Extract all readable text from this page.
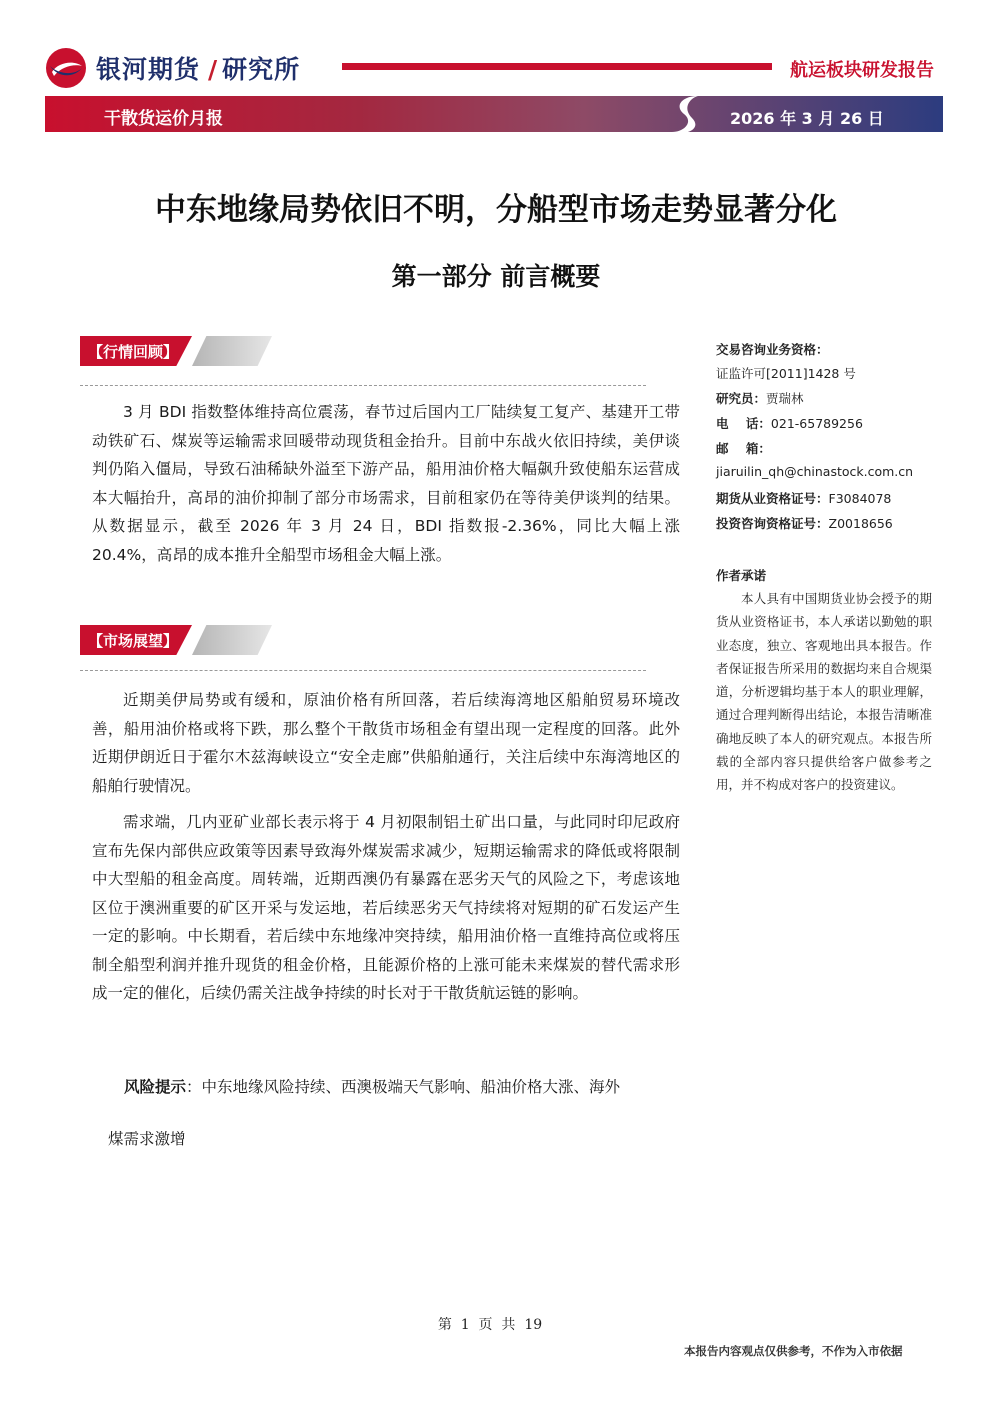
银河期货 / 研究所	航运板块研发报告
干散货运价月报	2026 年 3 月 26 日
中东地缘局势依旧不明，分船型市场走势显著分化
第一部分 前言概要
【行情回顾】
3 月 BDI 指数整体维持高位震荡，春节过后国内工厂陆续复工复产、基建开工带动铁矿石、煤炭等运输需求回暖带动现货租金抬升。目前中东战火依旧持续，美伊谈判仍陷入僵局，导致石油稀缺外溢至下游产品，船用油价格大幅飙升致使船东运营成本大幅抬升，高昂的油价抑制了部分市场需求，目前租家仍在等待美伊谈判的结果。从数据显示，截至 2026 年 3 月 24 日，BDI 指数报-2.36%，同比大幅上涨 20.4%，高昂的成本推升全船型市场租金大幅上涨。
【市场展望】
近期美伊局势或有缓和，原油价格有所回落，若后续海湾地区船舶贸易环境改善，船用油价格或将下跌，那么整个干散货市场租金有望出现一定程度的回落。此外近期伊朗近日于霍尔木兹海峡设立“安全走廊”供船舶通行，关注后续中东海湾地区的船舶行驶情况。
需求端，几内亚矿业部长表示将于 4 月初限制铝土矿出口量，与此同时印尼政府宣布先保内部供应政策等因素导致海外煤炭需求减少，短期运输需求的降低或将限制中大型船的租金高度。周转端，近期西澳仍有暴露在恶劣天气的风险之下，考虑该地区位于澳洲重要的矿区开采与发运地，若后续恶劣天气持续将对短期的矿石发运产生一定的影响。中长期看，若后续中东地缘冲突持续，船用油价格一直维持高位或将压制全船型利润并推升现货的租金价格，且能源价格的上涨可能未来煤炭的替代需求形成一定的催化，后续仍需关注战争持续的时长对于干散货航运链的影响。
风险提示：中东地缘风险持续、西澳极端天气影响、船油价格大涨、海外
煤需求激增
交易咨询业务资格：
证监许可[2011]1428 号
研究员：贾瑞林
电    话：021-65789256
邮    箱：
jiaruilin_qh@chinastock.com.cn
期货从业资格证号：F3084078
投资咨询资格证号：Z0018656
作者承诺
本人具有中国期货业协会授予的期货从业资格证书，本人承诺以勤勉的职业态度，独立、客观地出具本报告。作者保证报告所采用的数据均来自合规渠道，分析逻辑均基于本人的职业理解，通过合理判断得出结论，本报告清晰准确地反映了本人的研究观点。本报告所载的全部内容只提供给客户做参考之用，并不构成对客户的投资建议。
第  1  页  共  19
本报告内容观点仅供参考，不作为入市依据
